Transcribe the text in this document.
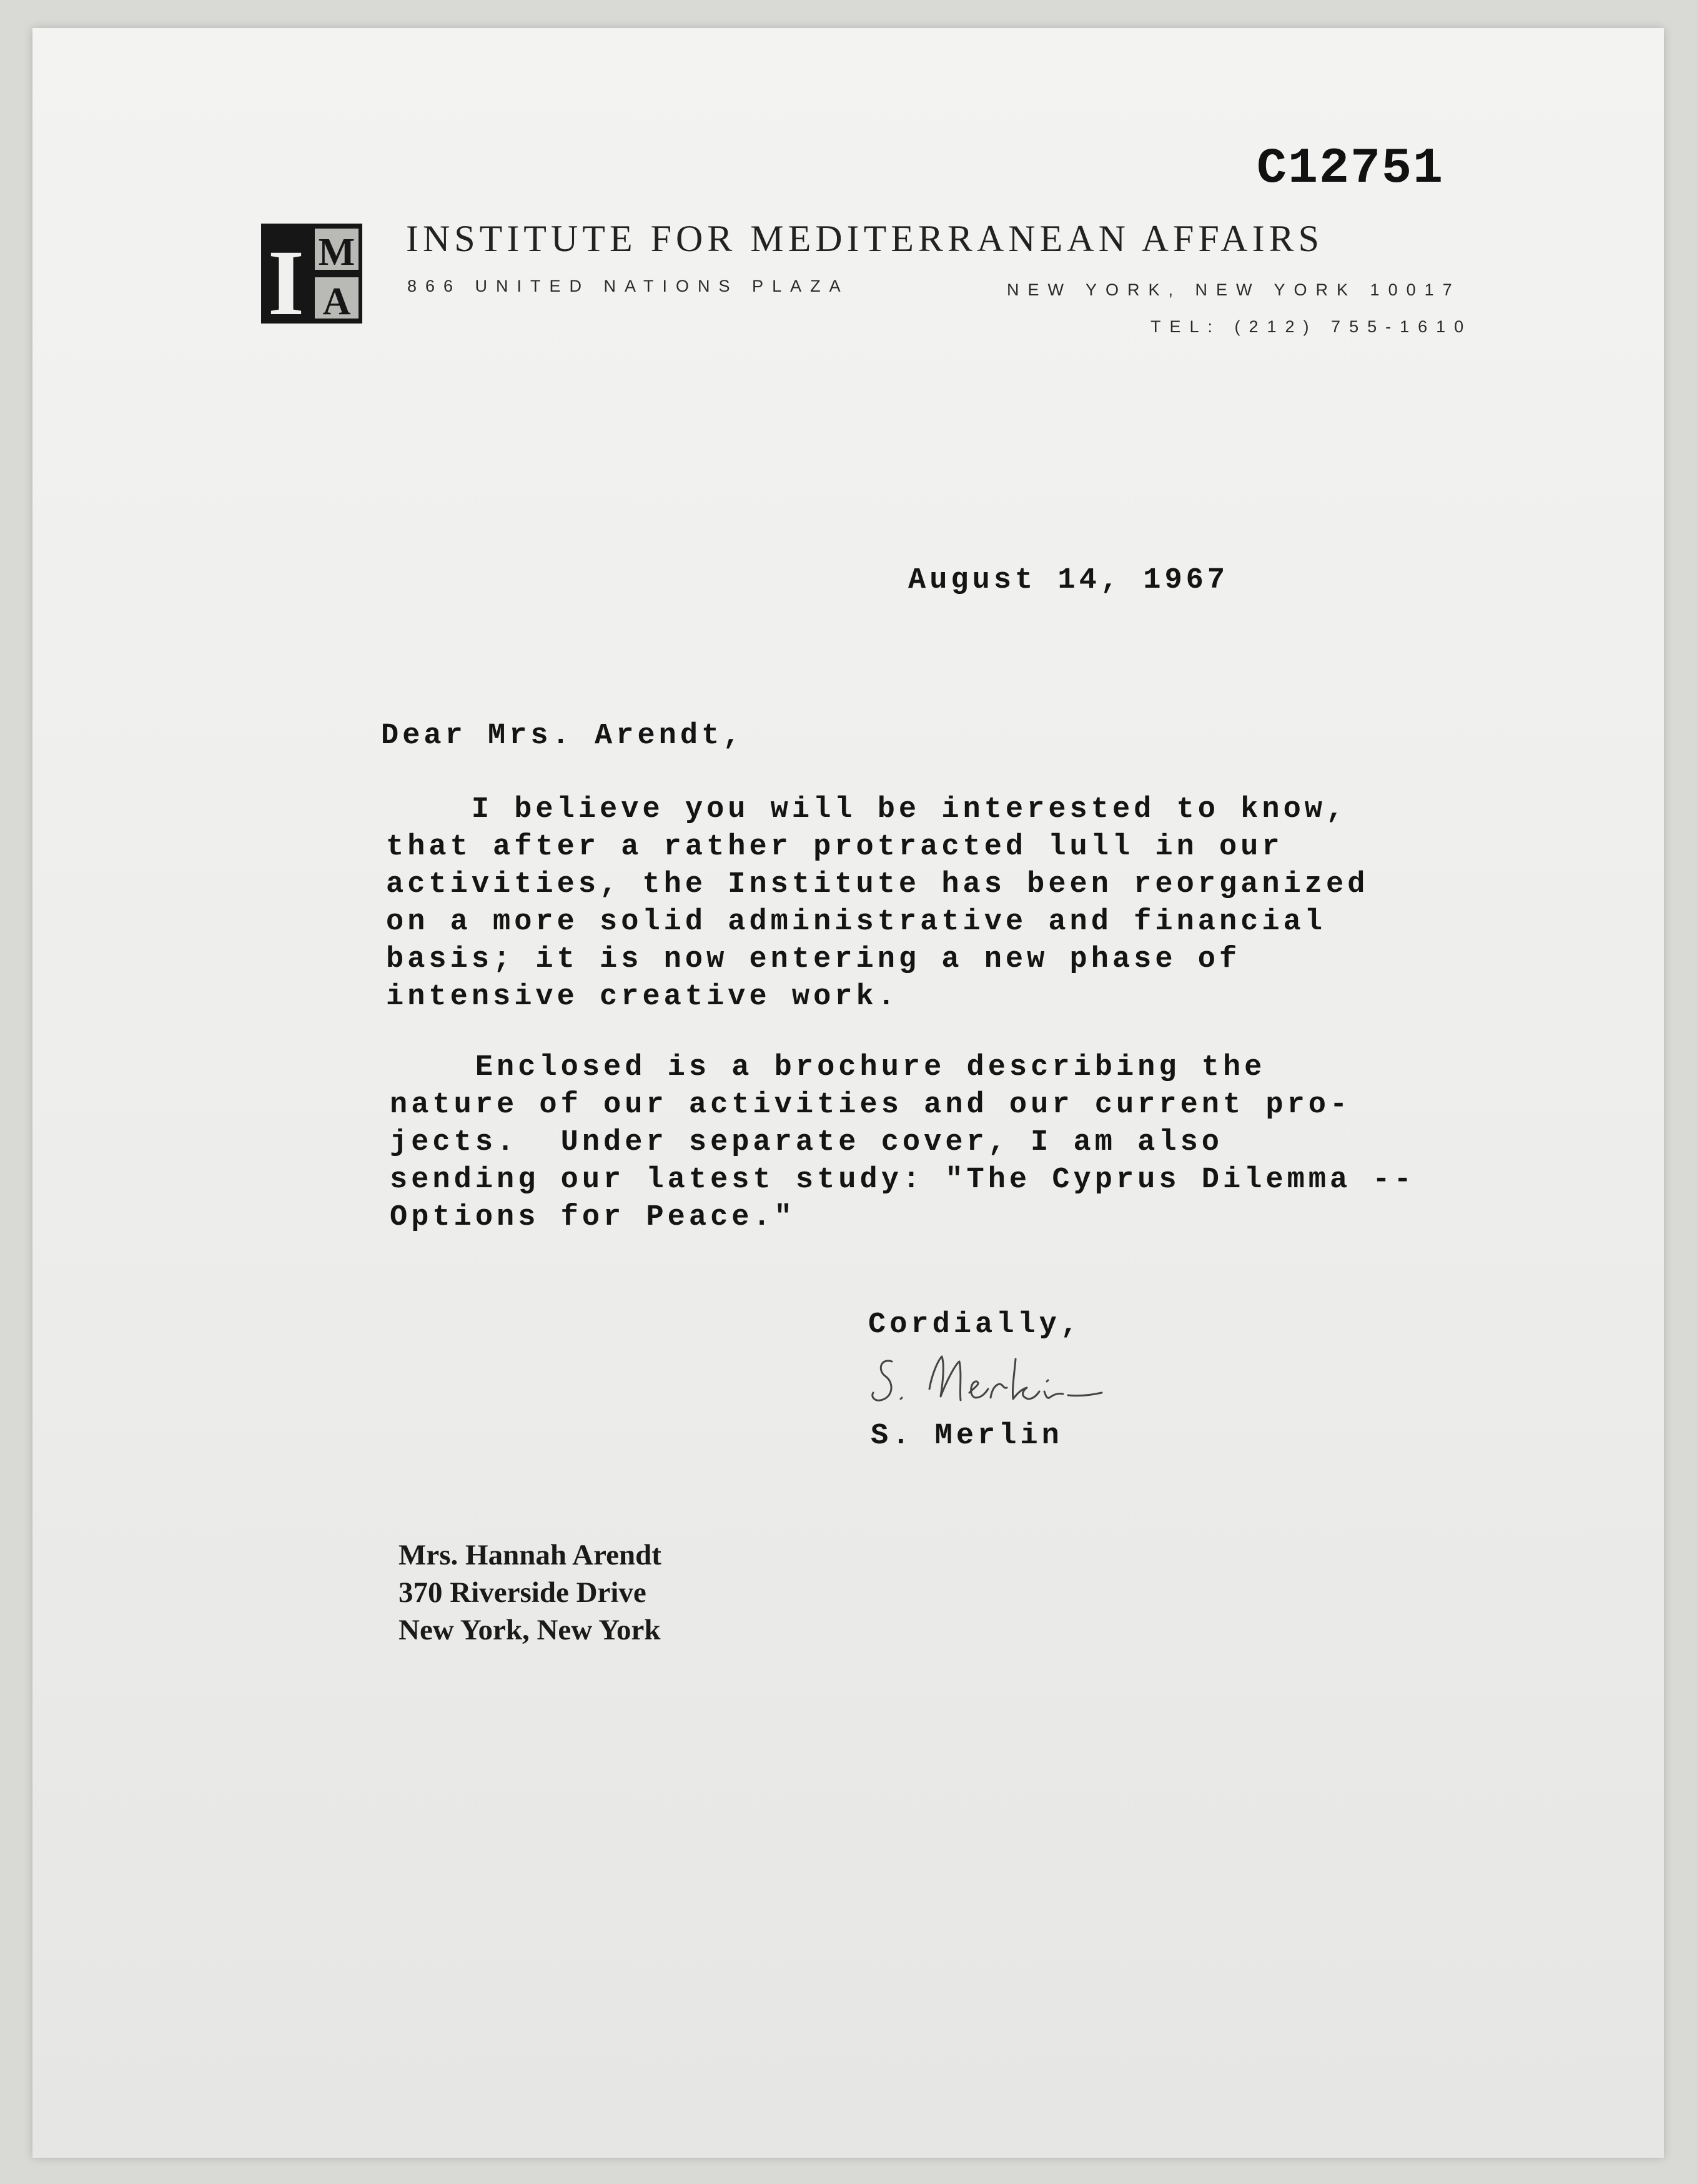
C12751
I M
A
INSTITUTE FOR MEDITERRANEAN AFFAIRS
866 UNITED NATIONS PLAZA	NEW YORK, NEW YORK 10017
TEL: (212) 755-1610
August 14, 1967
Dear Mrs. Arendt,
I believe you will be interested to know,
that after a rather protracted lull in our
activities, the Institute has been reorganized
on a more solid administrative and financial
basis; it is now entering a new phase of
intensive creative work.
Enclosed is a brochure describing the
nature of our activities and our current pro-
jects.  Under separate cover, I am also
sending our latest study: "The Cyprus Dilemma --
Options for Peace."
Cordially,
S. Merlin
Mrs. Hannah Arendt
370 Riverside Drive
New York, New York
